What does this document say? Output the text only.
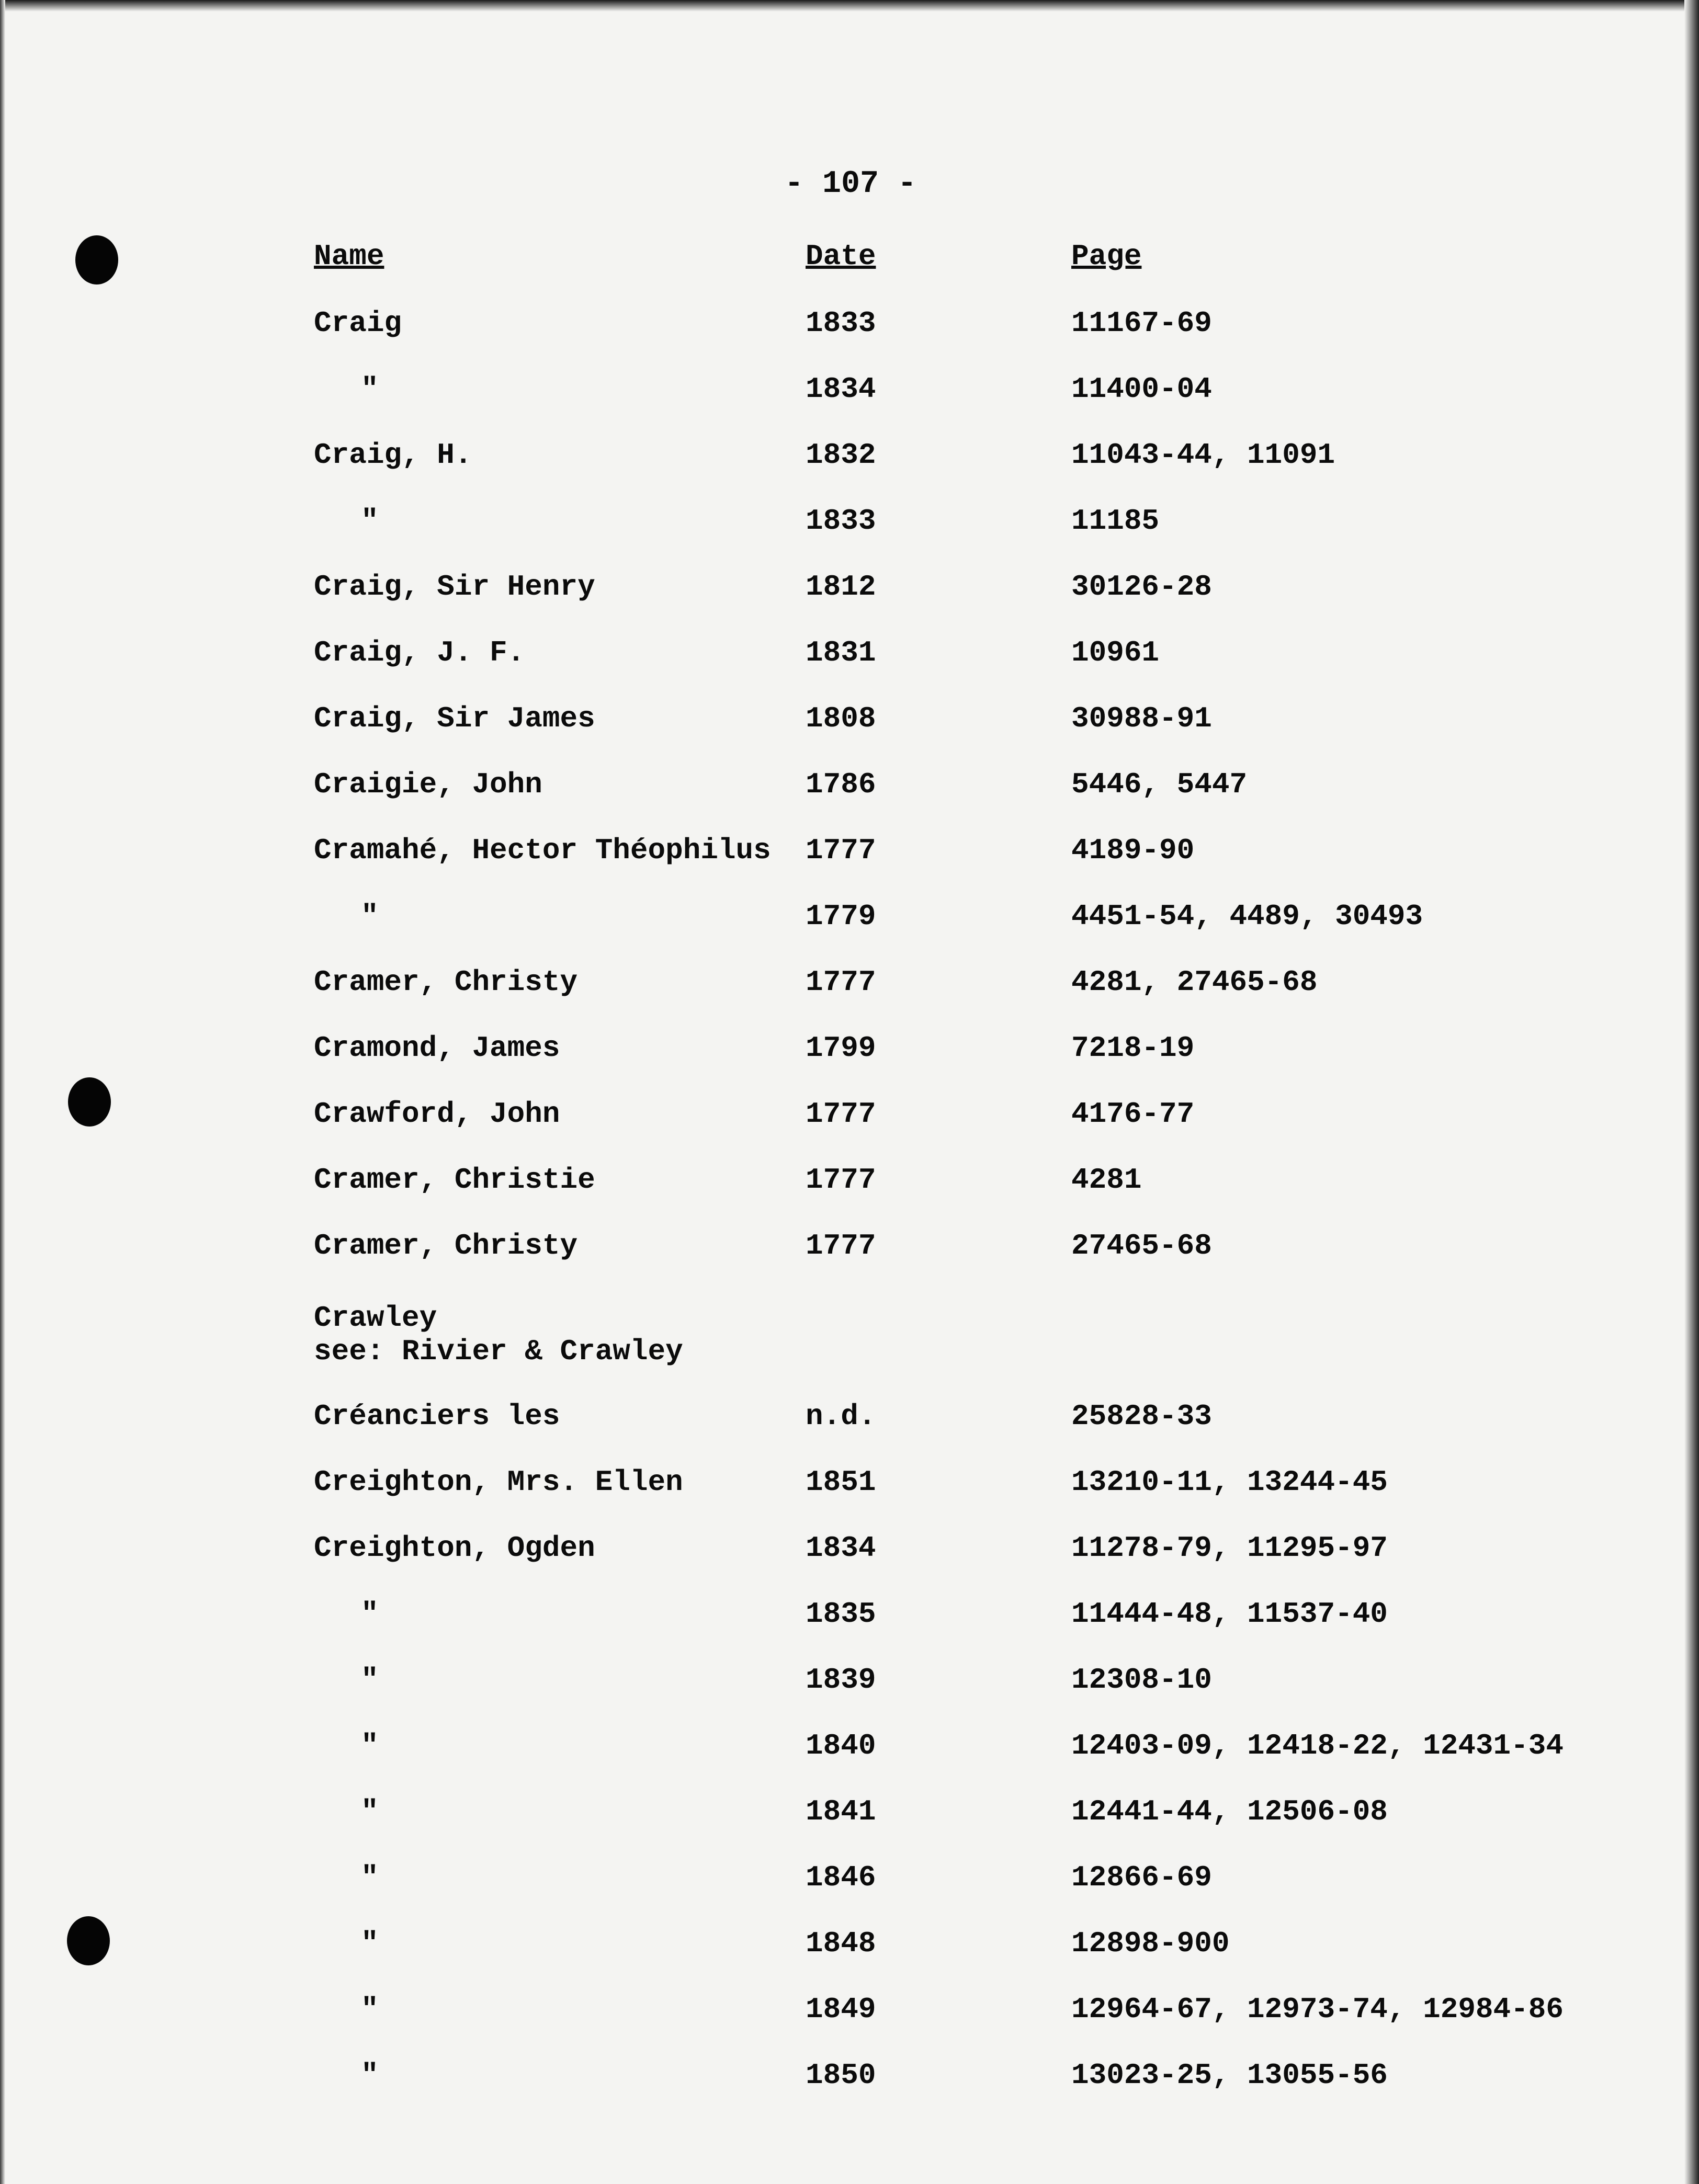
- 107 -
Name	Date	Page
Craig	1833	11167-69
"	1834	11400-04
Craig, H.	1832	11043-44, 11091
"	1833	11185
Craig, Sir Henry	1812	30126-28
Craig, J. F.	1831	10961
Craig, Sir James	1808	30988-91
Craigie, John	1786	5446, 5447
Cramahé, Hector Théophilus 1777	4189-90
"	1779	4451-54, 4489, 30493
Cramer, Christy	1777	4281, 27465-68
Cramond, James	1799	7218-19
Crawford, John	1777	4176-77
Cramer, Christie	1777	4281
Cramer, Christy	1777	27465-68
Crawley
see: Rivier & Crawley
Créanciers les	n.d.	25828-33
Creighton, Mrs. Ellen	1851	13210-11, 13244-45
Creighton, Ogden	1834	11278-79, 11295-97
"	1835	11444-48, 11537-40
"	1839	12308-10
"	1840	12403-09, 12418-22, 12431-34
"	1841	12441-44, 12506-08
"	1846	12866-69
"	1848	12898-900
"	1849	12964-67, 12973-74, 12984-86
"	1850	13023-25, 13055-56
